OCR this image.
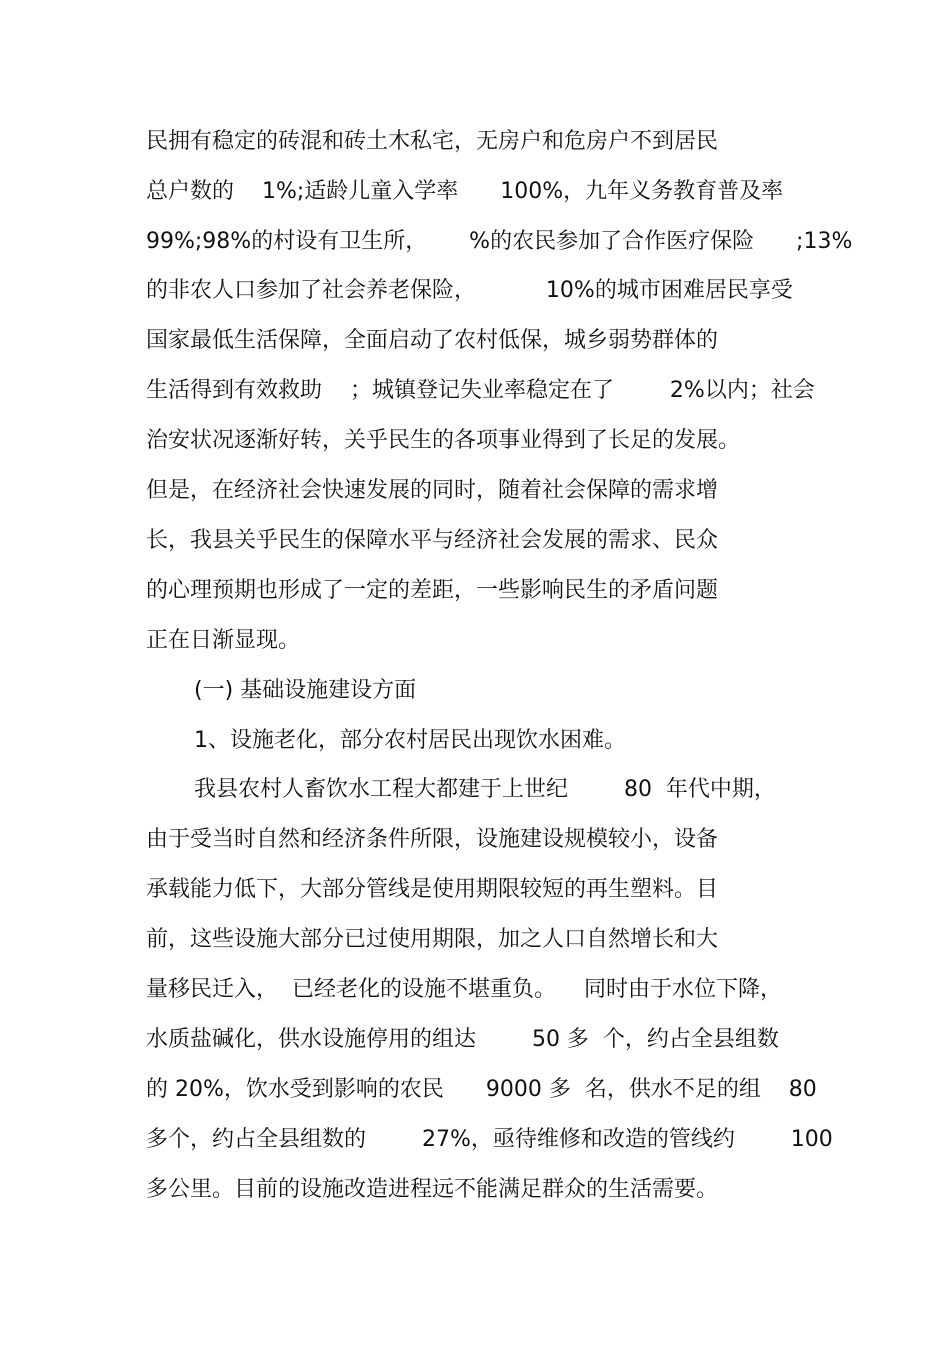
民拥有稳定的砖混和砖土木私宅，无房户和危房户不到居民
总户数的    1%;适龄儿童入学率      100%，九年义务教育普及率
99%;98%的村设有卫生所，      %的农民参加了合作医疗保险      ;13%
的非农人口参加了社会养老保险，          10%的城市困难居民享受
国家最低生活保障，全面启动了农村低保，城乡弱势群体的
生活得到有效救助    ；城镇登记失业率稳定在了        2%以内；社会
治安状况逐渐好转，关乎民生的各项事业得到了长足的发展。
但是，在经济社会快速发展的同时，随着社会保障的需求增
长，我县关乎民生的保障水平与经济社会发展的需求、民众
的心理预期也形成了一定的差距，一些影响民生的矛盾问题
正在日渐显现。
(一) 基础设施建设方面
1、设施老化，部分农村居民出现饮水困难。
我县农村人畜饮水工程大都建于上世纪        80  年代中期，
由于受当时自然和经济条件所限，设施建设规模较小，设备
承载能力低下，大部分管线是使用期限较短的再生塑料。目
前，这些设施大部分已过使用期限，加之人口自然增长和大
量移民迁入，  已经老化的设施不堪重负。    同时由于水位下降，
水质盐碱化，供水设施停用的组达        50 多  个，约占全县组数
的 20%，饮水受到影响的农民      9000 多  名，供水不足的组    80
多个，约占全县组数的        27%，亟待维修和改造的管线约        100
多公里。目前的设施改造进程远不能满足群众的生活需要。
